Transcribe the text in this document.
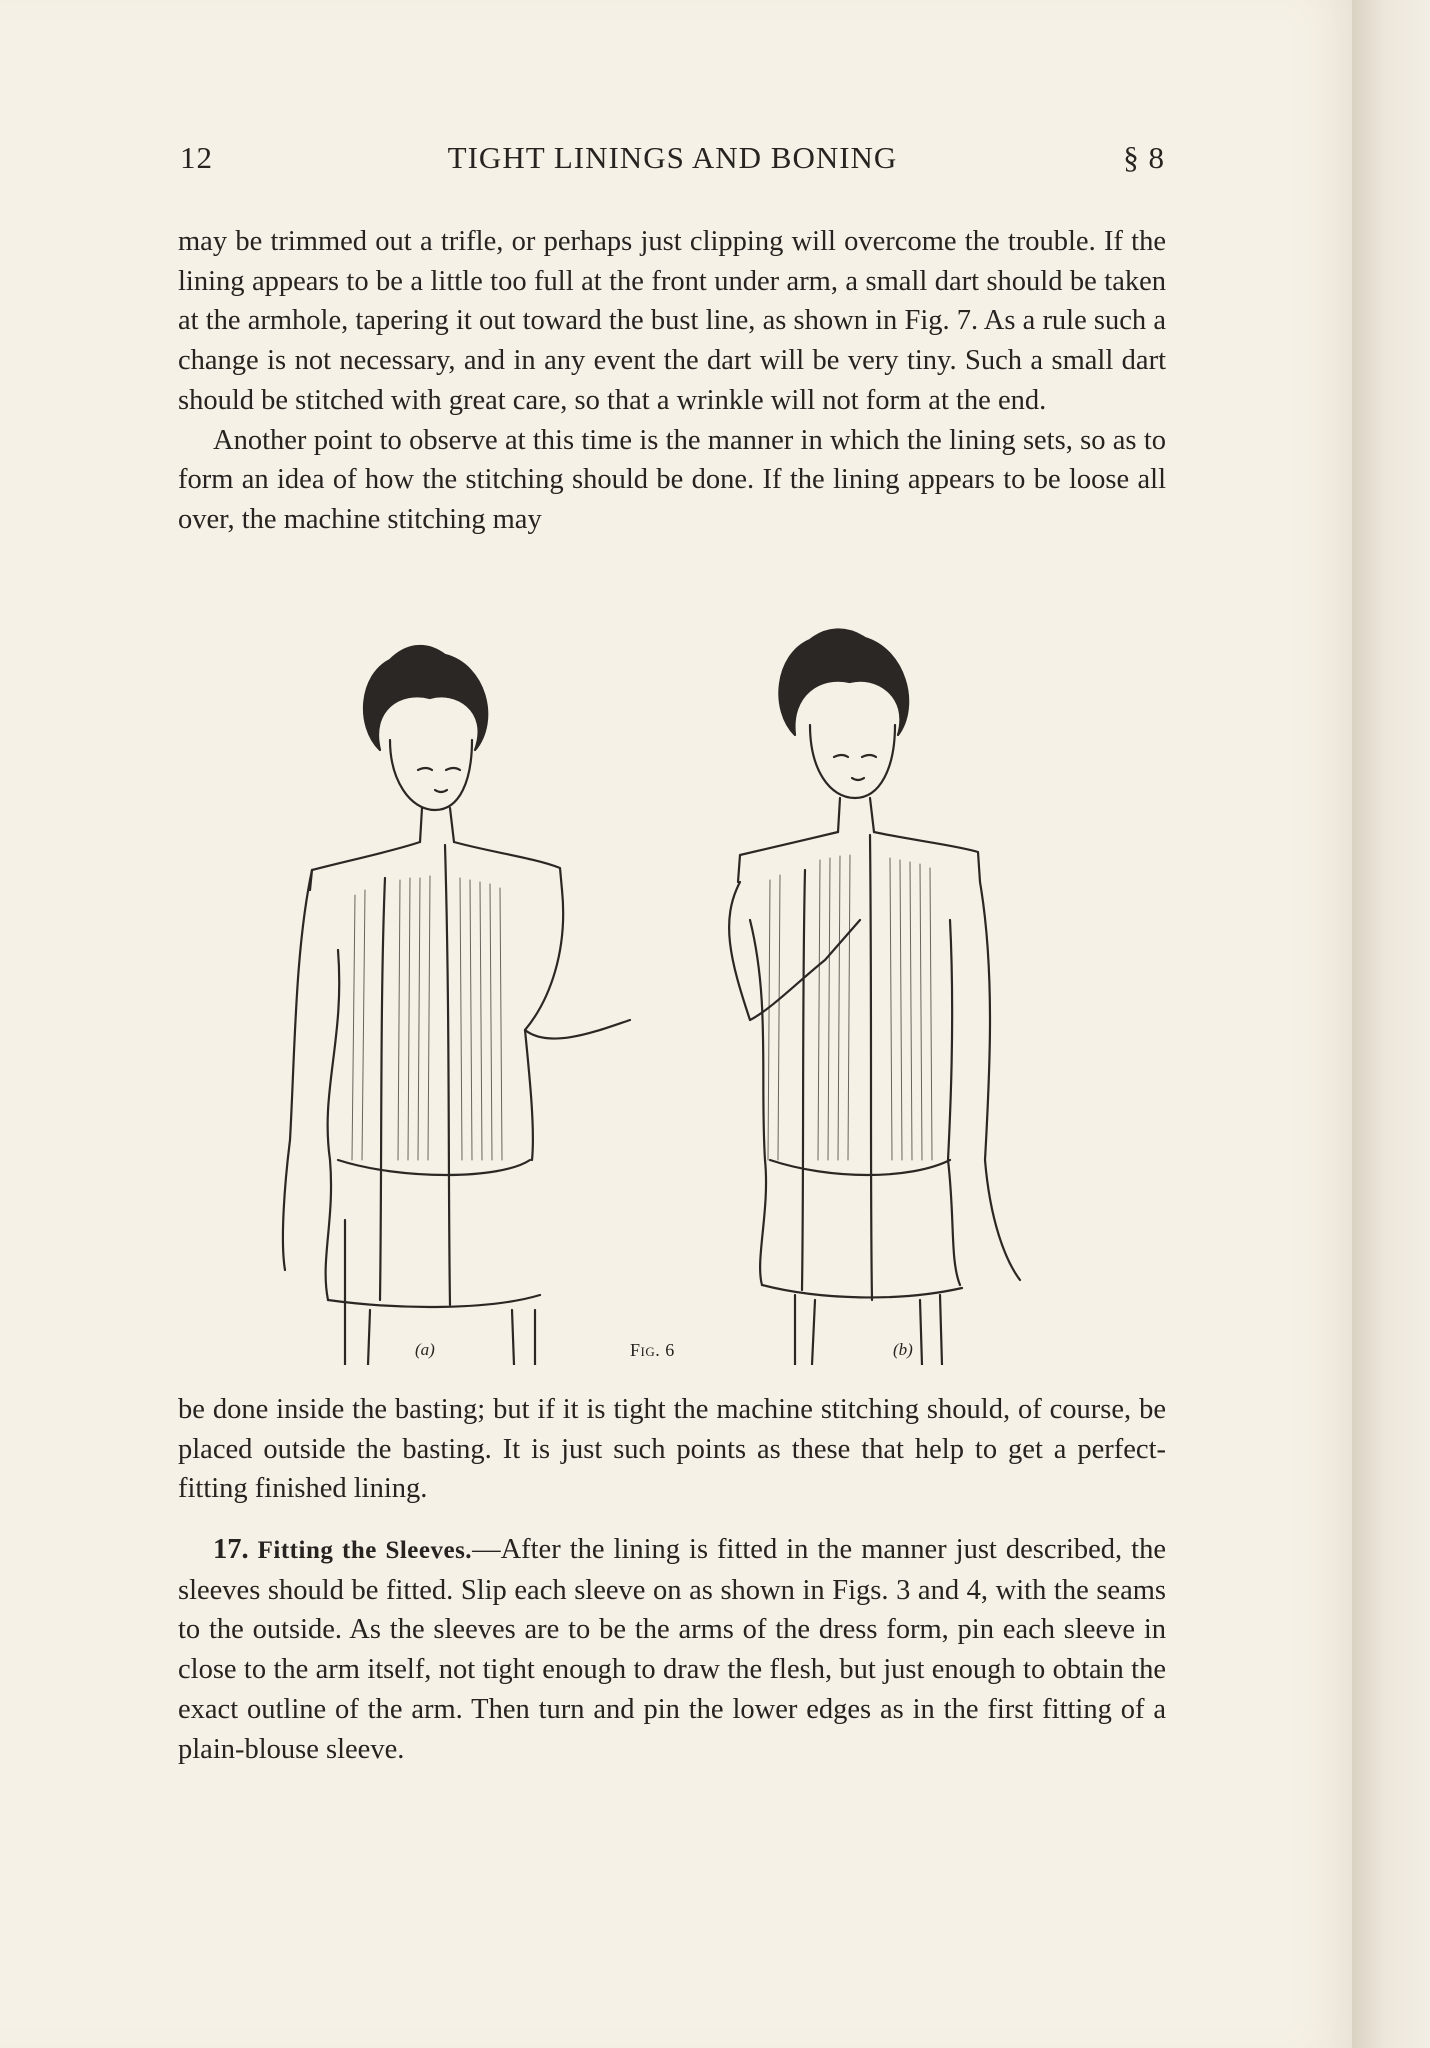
12	TIGHT LININGS AND BONING	§ 8

may be trimmed out a trifle, or perhaps just clipping will overcome the trouble. If the lining appears to be a little too full at the front under arm, a small dart should be taken at the armhole, tapering it out toward the bust line, as shown in Fig. 7. As a rule such a change is not necessary, and in any event the dart will be very tiny. Such a small dart should be stitched with great care, so that a wrinkle will not form at the end.

Another point to observe at this time is the manner in which the lining sets, so as to form an idea of how the stitching should be done. If the lining appears to be loose all over, the machine stitching may

(a)	Fig. 6	(b)

be done inside the basting; but if it is tight the machine stitching should, of course, be placed outside the basting. It is just such points as these that help to get a perfect-fitting finished lining.

17. Fitting the Sleeves.—After the lining is fitted in the manner just described, the sleeves should be fitted. Slip each sleeve on as shown in Figs. 3 and 4, with the seams to the outside. As the sleeves are to be the arms of the dress form, pin each sleeve in close to the arm itself, not tight enough to draw the flesh, but just enough to obtain the exact outline of the arm. Then turn and pin the lower edges as in the first fitting of a plain-blouse sleeve.
